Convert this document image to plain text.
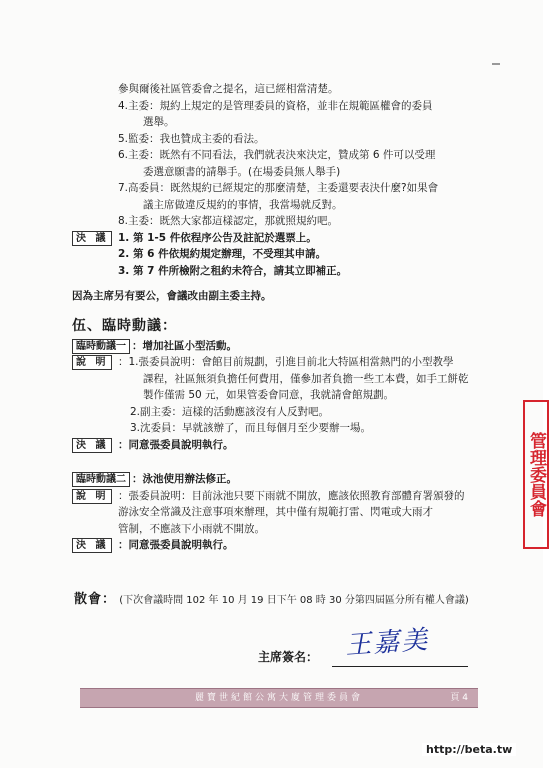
參與爾後社區管委會之提名，這已經相當清楚。
4.主委：規約上規定的是管理委員的資格，並非在規範區權會的委員
選舉。
5.監委：我也贊成主委的看法。
6.主委：既然有不同看法，我們就表決來決定，贊成第 6 件可以受理
委選意願書的請舉手。(在場委員無人舉手)
7.高委員：既然規約已經規定的那麼清楚，主委還要表決什麼?如果會
議主席做違反規約的事情，我當場就反對。
8.主委：既然大家都這樣認定，那就照規約吧。
決 議 1. 第 1-5 件依程序公告及註記於選票上。
2. 第 6 件依規約規定辦理，不受理其申請。
3. 第 7 件所檢附之租約未符合，請其立即補正。
因為主席另有要公，會議改由副主委主持。
伍、臨時動議：
臨時動議一 ：增加社區小型活動。
說 明 ：1.張委員說明：會館目前規劃，引進目前北大特區相當熱門的小型教學
課程，社區無須負擔任何費用，僅參加者負擔一些工本費，如手工餅乾
製作僅需 50 元，如果管委會同意，我就請會館規劃。
2.副主委：這樣的活動應該沒有人反對吧。
3.沈委員：早就該辦了，而且每個月至少要辦一場。
決 議 ：同意張委員說明執行。
臨時動議二 ：泳池使用辦法修正。
說 明 ：張委員說明：目前泳池只要下雨就不開放，應該依照教育部體育署頒發的
游泳安全常識及注意事項來辦理，其中僅有規範打雷、閃電或大雨才
管制，不應該下小雨就不開放。
決 議 ：同意張委員說明執行。
散會： (下次會議時間 102 年 10 月 19 日下午 08 時 30 分第四屆區分所有權人會議)
主席簽名： 王嘉美
管理委員會
麗寶世紀館公寓大廈管理委員會	頁 4
http://beta.tw
